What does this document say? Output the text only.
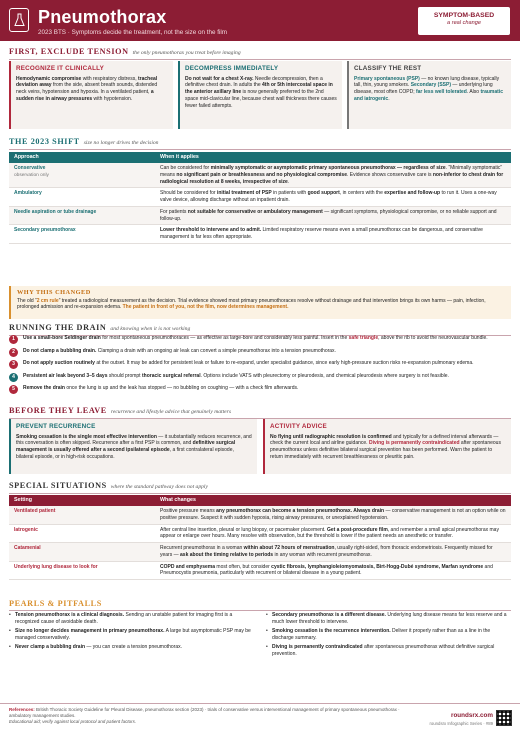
Pneumothorax
2023 BTS · Symptoms decide the treatment, not the size on the film
SYMPTOM-BASED
a real change
FIRST, EXCLUDE TENSION the only pneumothorax you treat before imaging
RECOGNIZE IT CLINICALLY
Hemodynamic compromise with respiratory distress, tracheal deviation away from the side, absent breath sounds, distended neck veins, hypotension and hypoxia. In a ventilated patient, a sudden rise in airway pressures with hypotension.
DECOMPRESS IMMEDIATELY
Do not wait for a chest X-ray. Needle decompression, then a definitive chest drain. In adults the 4th or 5th intercostal space in the anterior axillary line is now generally preferred to the 2nd space mid-clavicular line, because chest wall thickness there causes fewer failed attempts.
CLASSIFY THE REST
Primary spontaneous (PSP) — no known lung disease, typically tall, thin, young smokers. Secondary (SSP) — underlying lung disease, most often COPD; far less well tolerated. Also traumatic and iatrogenic.
THE 2023 SHIFT size no longer drives the decision
Approach	When it applies
Conservative
observation only	Can be considered for minimally symptomatic or asymptomatic primary spontaneous pneumothorax — regardless of size. “Minimally symptomatic” means no significant pain or breathlessness and no physiological compromise. Evidence shows conservative care is non-inferior to chest drain for radiological resolution at 8 weeks, irrespective of size.
Ambulatory	Should be considered for initial treatment of PSP in patients with good support, in centers with the expertise and follow-up to run it. Uses a one-way valve device, allowing discharge without an inpatient drain.
Needle aspiration or tube drainage	For patients not suitable for conservative or ambulatory management — significant symptoms, physiological compromise, or no reliable support and follow-up.
Secondary pneumothorax	Lower threshold to intervene and to admit. Limited respiratory reserve means even a small pneumothorax can be dangerous, and conservative management is far less often appropriate.
WHY THIS CHANGED
The old “2 cm rule” treated a radiological measurement as the decision. Trial evidence showed most primary pneumothoraces resolve without drainage and that intervention brings its own harms — pain, infection, prolonged admission and re-expansion edema. The patient in front of you, not the film, now determines management.
RUNNING THE DRAIN and knowing when it is not working
1	Use a small-bore Seldinger drain for most spontaneous pneumothoraces — as effective as large-bore and considerably less painful. Insert in the safe triangle, above the rib to avoid the neurovascular bundle.

2	Do not clamp a bubbling drain. Clamping a drain with an ongoing air leak can convert a simple pneumothorax into a tension pneumothorax.

3	Do not apply suction routinely at the outset. It may be added for persistent leak or failure to re-expand, under specialist guidance, since early high-pressure suction risks re-expansion pulmonary edema.

4	Persistent air leak beyond 3–5 days should prompt thoracic surgical referral. Options include VATS with pleurectomy or pleurodesis, and chemical pleurodesis where surgery is not feasible.

5	Remove the drain once the lung is up and the leak has stopped — no bubbling on coughing — with a check film afterwards.

BEFORE THEY LEAVE recurrence and lifestyle advice that genuinely matters
PREVENT RECURRENCE
Smoking cessation is the single most effective intervention — it substantially reduces recurrence, and this conversation is often skipped. Recurrence after a first PSP is common, and definitive surgical management is usually offered after a second ipsilateral episode, a first contralateral episode, bilateral episode, or in high-risk occupations.
ACTIVITY ADVICE
No flying until radiographic resolution is confirmed and typically for a defined interval afterwards — check the current local and airline guidance. Diving is permanently contraindicated after spontaneous pneumothorax unless definitive bilateral surgical prevention has been performed. Warn the patient to return immediately with recurrent breathlessness or pleuritic pain.
SPECIAL SITUATIONS where the standard pathway does not apply
Setting	What changes
Ventilated patient	Positive pressure means any pneumothorax can become a tension pneumothorax. Always drain — conservative management is not an option while on positive pressure. Suspect it with sudden hypoxia, rising airway pressures, or unexplained hypotension.
Iatrogenic	After central line insertion, pleural or lung biopsy, or pacemaker placement. Get a post-procedure film, and remember a small apical pneumothorax may appear or enlarge over hours. Many resolve with observation, but the threshold is lower if the patient needs an anesthetic or transfer.
Catamenial	Recurrent pneumothorax in a woman within about 72 hours of menstruation, usually right-sided, from thoracic endometriosis. Frequently missed for years — ask about the timing relative to periods in any woman with recurrent pneumothorax.
Underlying lung disease to look for	COPD and emphysema most often, but consider cystic fibrosis, lymphangioleiomyomatosis, Birt-Hogg-Dubé syndrome, Marfan syndrome and Pneumocystis pneumonia, particularly with recurrent or bilateral disease in a young patient.
PEARLS & PITFALLS
• Tension pneumothorax is a clinical diagnosis. Sending an unstable patient for imaging first is a recognized cause of avoidable death.
• Size no longer decides management in primary pneumothorax. A large but asymptomatic PSP may be managed conservatively.
• Never clamp a bubbling drain — you can create a tension pneumothorax.
• Secondary pneumothorax is a different disease. Underlying lung disease means far less reserve and a much lower threshold to intervene.
• Smoking cessation is the recurrence intervention. Deliver it properly rather than as a line in the discharge summary.
• Diving is permanently contraindicated after spontaneous pneumothorax without definitive surgical prevention.
References: British Thoracic Society Guideline for Pleural Disease, pneumothorax section (2023) · trials of conservative versus interventional management of primary spontaneous pneumothorax · ambulatory management studies.
Educational aid; verify against local protocol and patient factors.
roundsrx.com
roundsrx Infographic Series · #89
